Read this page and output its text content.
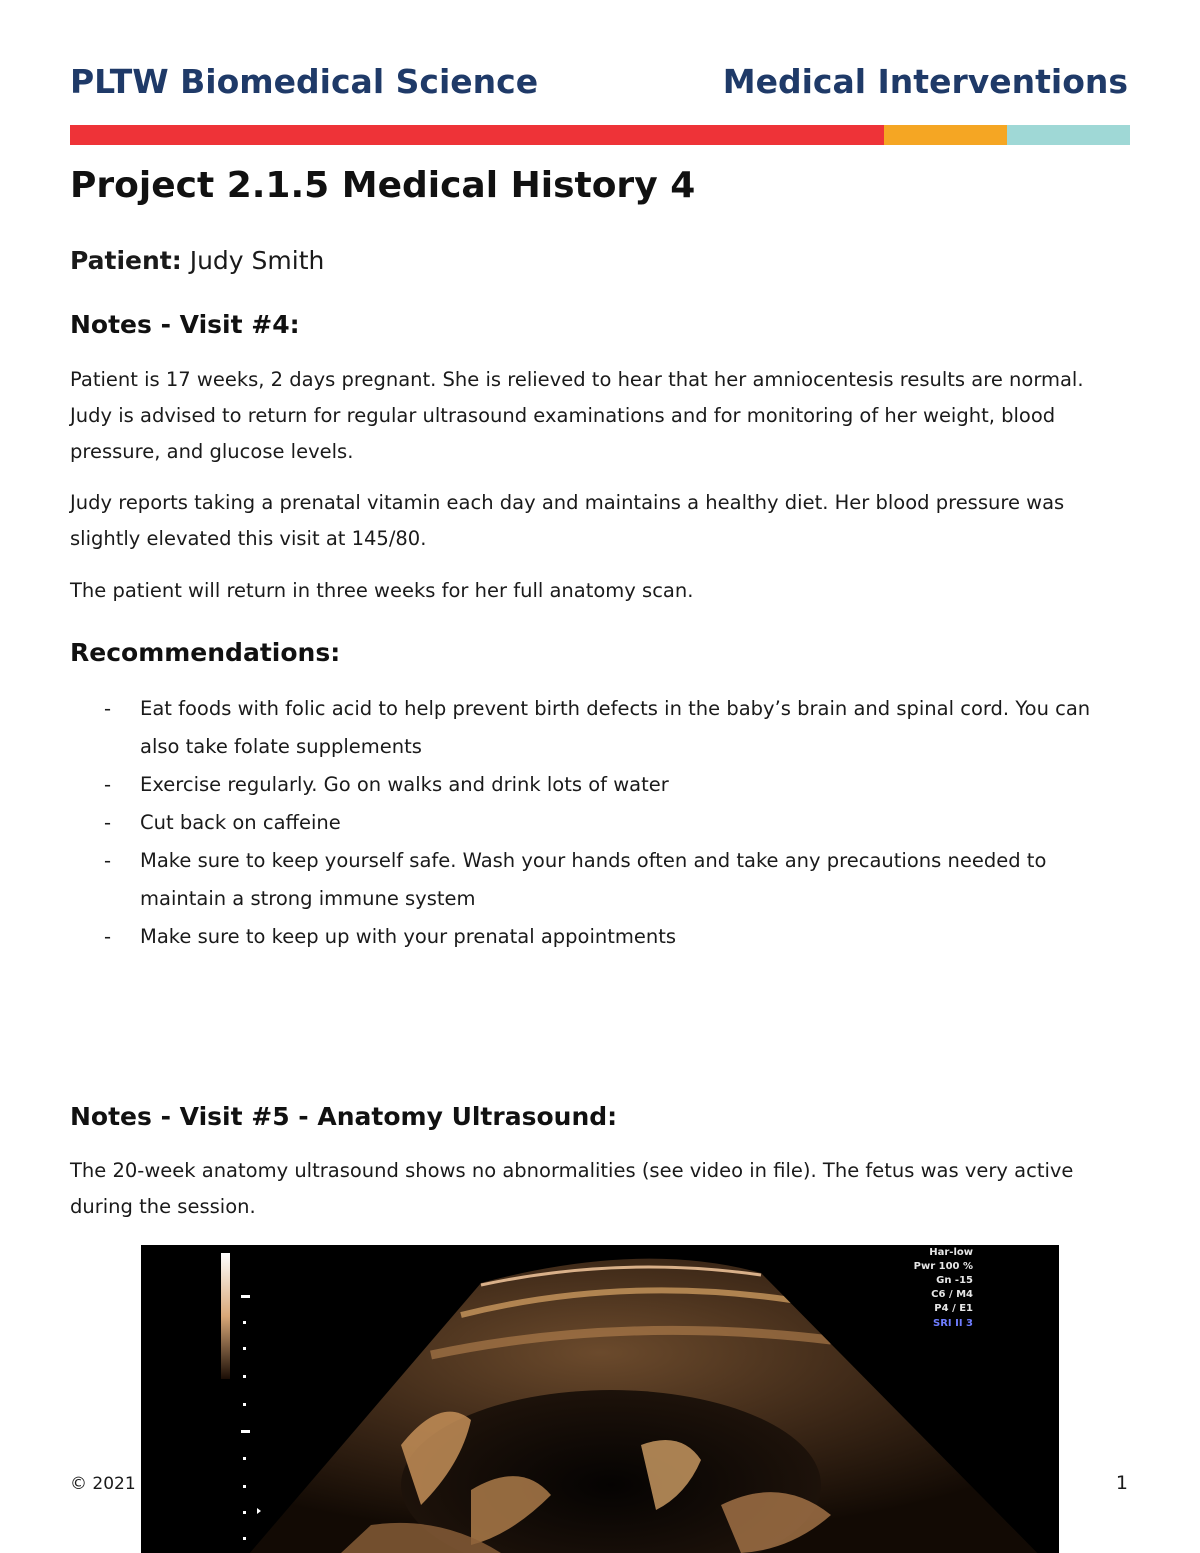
PLTW Biomedical Science	Medical Interventions
Project 2.1.5 Medical History 4
Patient: Judy Smith
Notes - Visit #4:

Patient is 17 weeks, 2 days pregnant. She is relieved to hear that her amniocentesis results are normal. Judy is advised to return for regular ultrasound examinations and for monitoring of her weight, blood pressure, and glucose levels.

Judy reports taking a prenatal vitamin each day and maintains a healthy diet. Her blood pressure was slightly elevated this visit at 145/80.

The patient will return in three weeks for her full anatomy scan.

Recommendations:
- Eat foods with folic acid to help prevent birth defects in the baby’s brain and spinal cord. You can also take folate supplements
- Exercise regularly. Go on walks and drink lots of water
- Cut back on caffeine
- Make sure to keep yourself safe. Wash your hands often and take any precautions needed to maintain a strong immune system
- Make sure to keep up with your prenatal appointments
Notes - Visit #5 - Anatomy Ultrasound:

The 20-week anatomy ultrasound shows no abnormalities (see video in file). The fetus was very active during the session.

Har-low
Pwr 100 %
Gn -15
C6 / M4
P4 / E1
SRI II 3
© 2021	1
